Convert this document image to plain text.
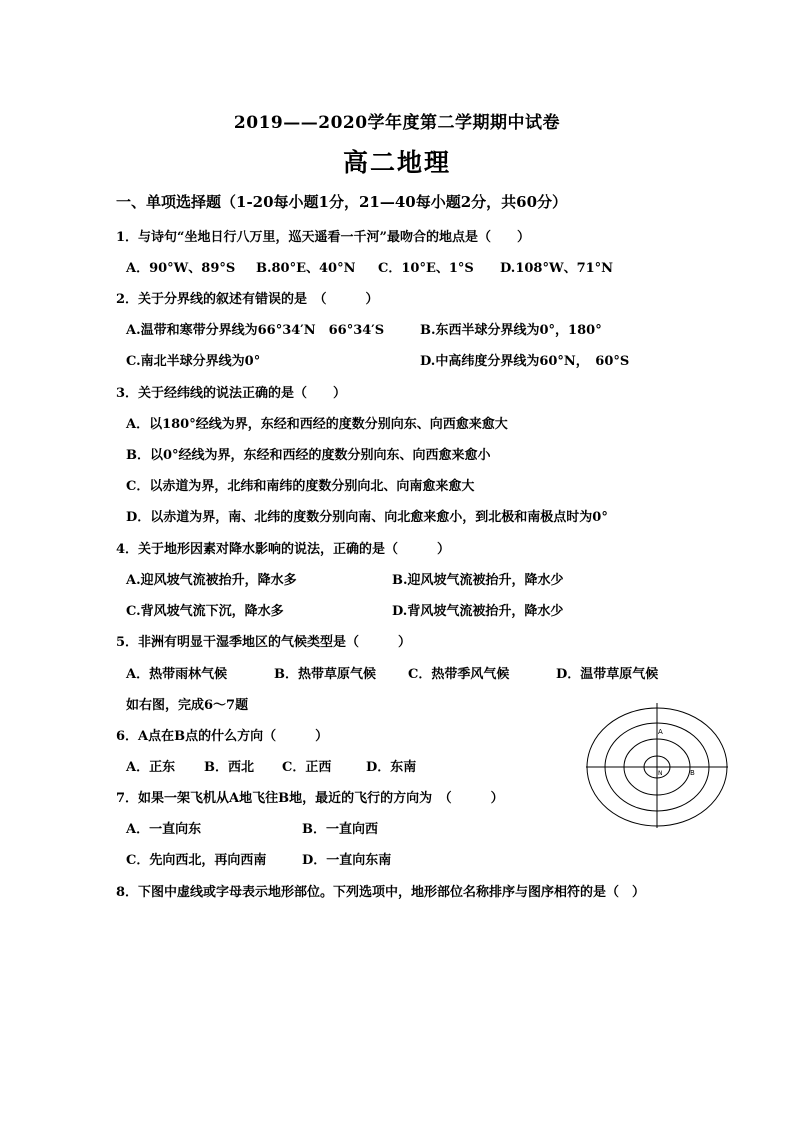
2019——2020学年度第二学期期中试卷
高二地理
一、单项选择题（1-20每小题1分，21—40每小题2分，共60分）
1．与诗句“坐地日行八万里，巡天遥看一千河”最吻合的地点是（　　）
A．90°W、89°S B.80°E、40°N C．10°E、1°S D.108°W、71°N
2．关于分界线的叙述有错误的是　（　　　）
A.温带和寒带分界线为66°34′N　66°34′S	B.东西半球分界线为0°，180°
C.南北半球分界线为0°	D.中高纬度分界线为60°N，　60°S
3．关于经纬线的说法正确的是（　　）
A．以180°经线为界，东经和西经的度数分别向东、向西愈来愈大
B．以0°经线为界，东经和西经的度数分别向东、向西愈来愈小
C．以赤道为界，北纬和南纬的度数分别向北、向南愈来愈大
D．以赤道为界，南、北纬的度数分别向南、向北愈来愈小，到北极和南极点时为0°
4．关于地形因素对降水影响的说法，正确的是（　　　）
A.迎风坡气流被抬升，降水多	B.迎风坡气流被抬升，降水少
C.背风坡气流下沉，降水多	D.背风坡气流被抬升，降水少
5．非洲有明显干湿季地区的气候类型是（　　　）
A．热带雨林气候	B．热带草原气候 C．热带季风气候	D．温带草原气候
如右图，完成6～7题
6．A点在B点的什么方向（　　　）
A．正东 B．西北 C．正西	D．东南
7．如果一架飞机从A地飞往B地，最近的飞行的方向为　（　　　）
A．一直向东	B．一直向西
C．先向西北，再向西南	D．一直向东南
8．下图中虚线或字母表示地形部位。下列选项中，地形部位名称排序与图序相符的是（　）
A
B
N
